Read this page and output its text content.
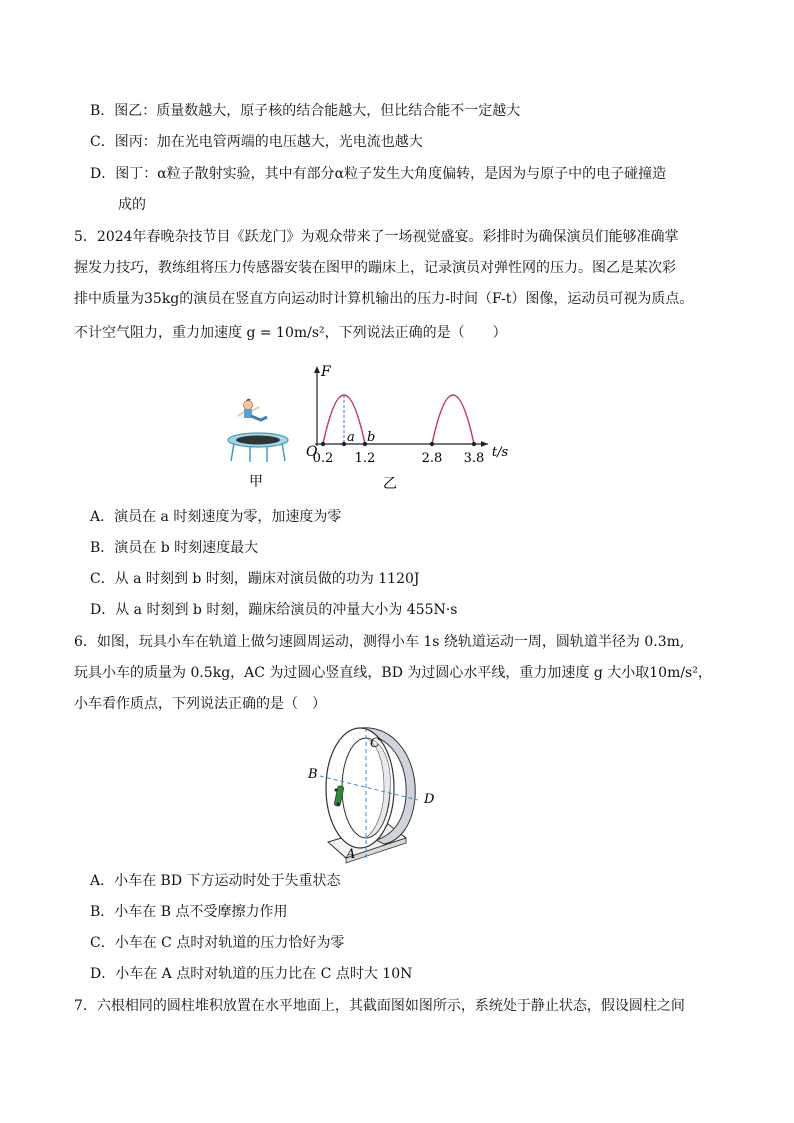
B．图乙：质量数越大，原子核的结合能越大，但比结合能不一定越大
C．图丙：加在光电管两端的电压越大，光电流也越大
D．图丁：α粒子散射实验，其中有部分α粒子发生大角度偏转，是因为与原子中的电子碰撞造
成的
5．2024年春晚杂技节目《跃龙门》为观众带来了一场视觉盛宴。彩排时为确保演员们能够准确掌
握发力技巧，教练组将压力传感器安装在图甲的蹦床上，记录演员对弹性网的压力。图乙是某次彩
排中质量为35kg的演员在竖直方向运动时计算机输出的压力-时间（F-t）图像，运动员可视为质点。
不计空气阻力，重力加速度 g = 10m/s²，下列说法正确的是（　　）
F
t/s
O
0.2 1.2	2.8 3.8
a b
甲	乙
A．演员在 a 时刻速度为零，加速度为零
B．演员在 b 时刻速度最大
C．从 a 时刻到 b 时刻，蹦床对演员做的功为 1120J
D．从 a 时刻到 b 时刻，蹦床给演员的冲量大小为 455N·s
6．如图，玩具小车在轨道上做匀速圆周运动，测得小车 1s 绕轨道运动一周，圆轨道半径为 0.3m,
玩具小车的质量为 0.5kg，AC 为过圆心竖直线，BD 为过圆心水平线，重力加速度 g 大小取10m/s²，
小车看作质点，下列说法正确的是（　）
C
B
D
A
A．小车在 BD 下方运动时处于失重状态
B．小车在 B 点不受摩擦力作用
C．小车在 C 点时对轨道的压力恰好为零
D．小车在 A 点时对轨道的压力比在 C 点时大 10N
7．六根相同的圆柱堆积放置在水平地面上，其截面图如图所示，系统处于静止状态，假设圆柱之间
